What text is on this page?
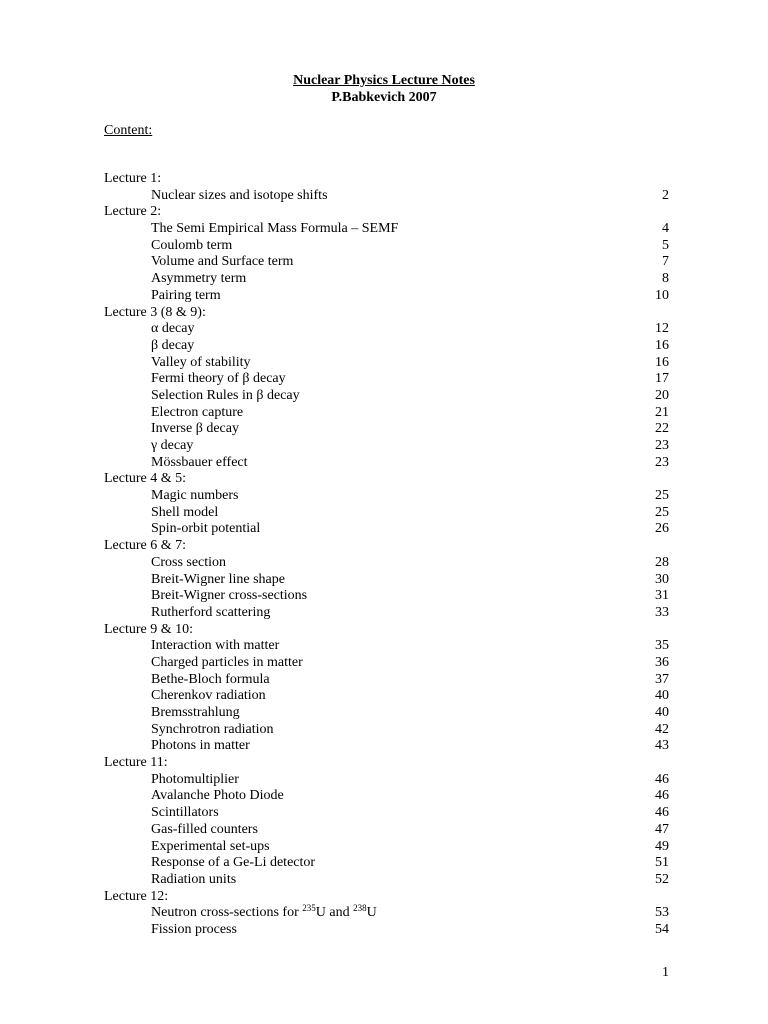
Nuclear Physics Lecture Notes
P.Babkevich 2007
Content:
Lecture 1:
Nuclear sizes and isotope shifts	2
Lecture 2:
The Semi Empirical Mass Formula – SEMF	4
Coulomb term	5
Volume and Surface term	7
Asymmetry term	8
Pairing term	10
Lecture 3 (8 & 9):
α decay	12
β decay	16
Valley of stability	16
Fermi theory of β decay	17
Selection Rules in β decay	20
Electron capture	21
Inverse β decay	22
γ decay	23
Mössbauer effect	23
Lecture 4 & 5:
Magic numbers	25
Shell model	25
Spin-orbit potential	26
Lecture 6 & 7:
Cross section	28
Breit-Wigner line shape	30
Breit-Wigner cross-sections	31
Rutherford scattering	33
Lecture 9 & 10:
Interaction with matter	35
Charged particles in matter	36
Bethe-Bloch formula	37
Cherenkov radiation	40
Bremsstrahlung	40
Synchrotron radiation	42
Photons in matter	43
Lecture 11:
Photomultiplier	46
Avalanche Photo Diode	46
Scintillators	46
Gas-filled counters	47
Experimental set-ups	49
Response of a Ge-Li detector	51
Radiation units	52
Lecture 12:
Neutron cross-sections for $^{235}$U and $^{238}$U	53
Fission process	54
1
